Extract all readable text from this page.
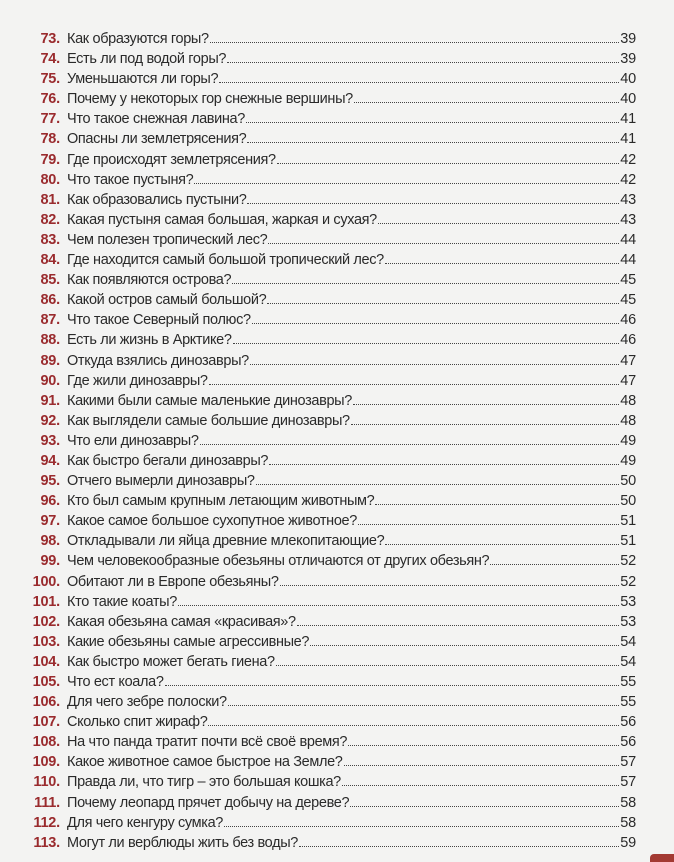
73. Как образуются горы?	39
74. Есть ли под водой горы?	39
75. Уменьшаются ли горы?	40
76. Почему у некоторых гор снежные вершины?	40
77. Что такое снежная лавина?	41
78. Опасны ли землетрясения?	41
79. Где происходят землетрясения?	42
80. Что такое пустыня?	42
81. Как образовались пустыни?	43
82. Какая пустыня самая большая, жаркая и сухая?	43
83. Чем полезен тропический лес?	44
84. Где находится самый большой тропический лес?	44
85. Как появляются острова?	45
86. Какой остров самый большой?	45
87. Что такое Северный полюс?	46
88. Есть ли жизнь в Арктике?	46
89. Откуда взялись динозавры?	47
90. Где жили динозавры?	47
91. Какими были самые маленькие динозавры?	48
92. Как выглядели самые большие динозавры?	48
93. Что ели динозавры?	49
94. Как быстро бегали динозавры?	49
95. Отчего вымерли динозавры?	50
96. Кто был самым крупным летающим животным?	50
97. Какое самое большое сухопутное животное?	51
98. Откладывали ли яйца древние млекопитающие?	51
99. Чем человекообразные обезьяны отличаются от других обезьян?	52
100. Обитают ли в Европе обезьяны?	52
101. Кто такие коаты?	53
102. Какая обезьяна самая «красивая»?	53
103. Какие обезьяны самые агрессивные?	54
104. Как быстро может бегать гиена?	54
105. Что ест коала?	55
106. Для чего зебре полоски?	55
107. Сколько спит жираф?	56
108. На что панда тратит почти всё своё время?	56
109. Какое животное самое быстрое на Земле?	57
110. Правда ли, что тигр – это большая кошка?	57
111. Почему леопард прячет добычу на дереве?	58
112. Для чего кенгуру сумка?	58
113. Могут ли верблюды жить без воды?	59
